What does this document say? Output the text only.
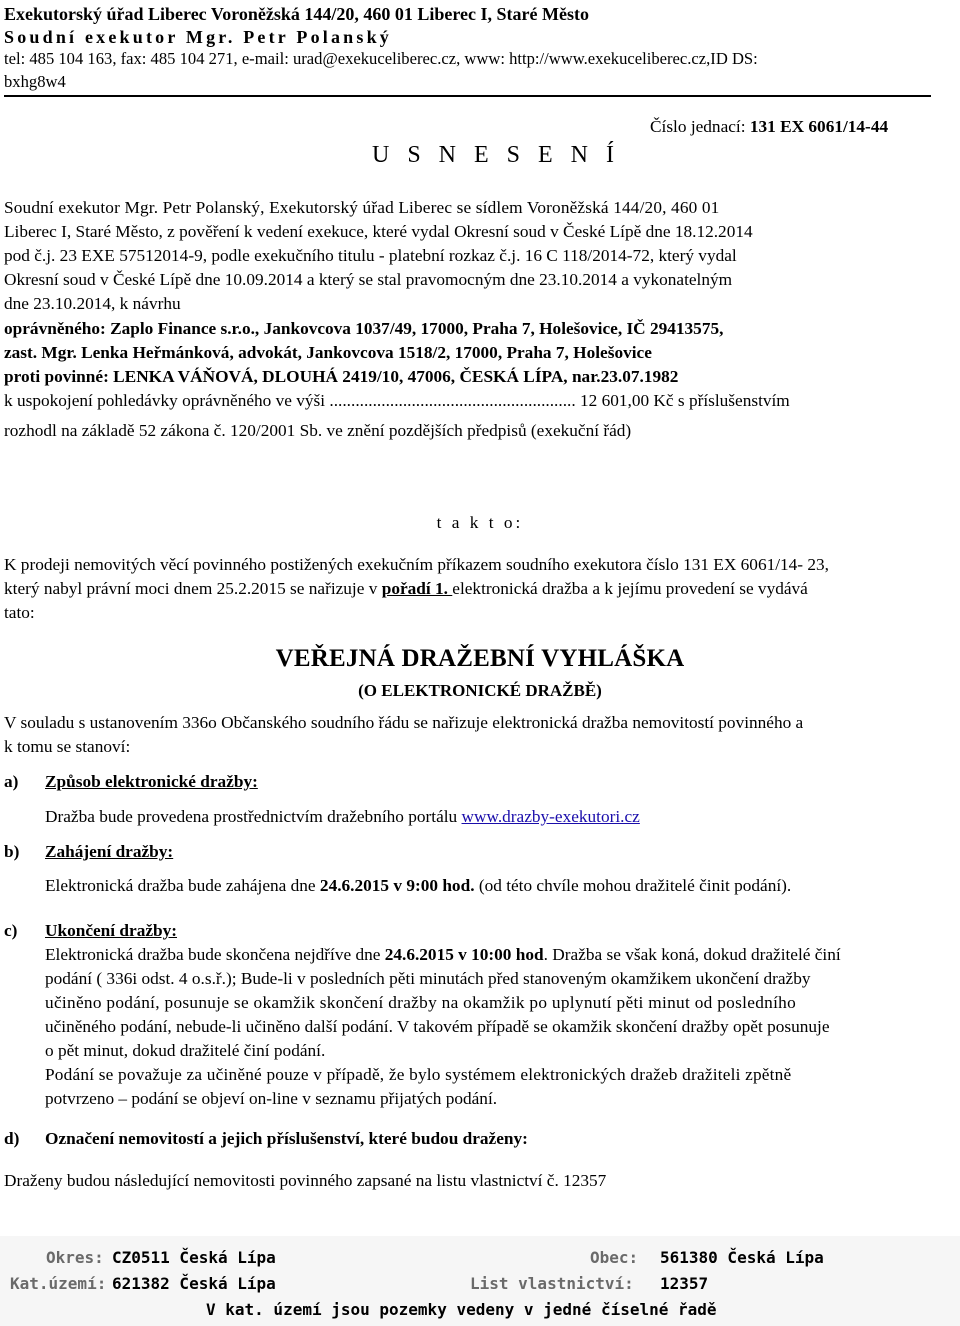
Exekutorský úřad Liberec Voroněžská 144/20, 460 01 Liberec I, Staré Město
Soudní exekutor Mgr. Petr Polanský
tel: 485 104 163, fax: 485 104 271, e-mail: urad@exekuceliberec.cz, www: http://www.exekuceliberec.cz,ID DS:
bxhg8w4
Číslo jednací: 131 EX 6061/14-44
U S N E S E N Í
Soudní exekutor Mgr. Petr Polanský, Exekutorský úřad Liberec se sídlem Voroněžská 144/20, 460 01
Liberec I, Staré Město, z pověření k vedení exekuce, které vydal Okresní soud v České Lípě dne 18.12.2014
pod č.j. 23 EXE 57512014-9, podle exekučního titulu - platební rozkaz č.j. 16 C 118/2014-72, který vydal
Okresní soud v České Lípě dne 10.09.2014 a který se stal pravomocným dne 23.10.2014 a vykonatelným
dne 23.10.2014, k návrhu
oprávněného: Zaplo Finance s.r.o., Jankovcova 1037/49, 17000, Praha 7, Holešovice, IČ 29413575,
zast. Mgr. Lenka Heřmánková, advokát, Jankovcova 1518/2, 17000, Praha 7, Holešovice
proti povinné: LENKA VÁŇOVÁ, DLOUHÁ 2419/10, 47006, ČESKÁ LÍPA, nar.23.07.1982
k uspokojení pohledávky oprávněného ve výši ......................................................... 12 601,00 Kč s příslušenstvím
rozhodl na základě 52 zákona č. 120/2001 Sb. ve znění pozdějších předpisů (exekuční řád)
t a k t o:
K prodeji nemovitých věcí povinného postižených exekučním příkazem soudního exekutora číslo 131 EX 6061/14- 23,
který nabyl právní moci dnem 25.2.2015 se nařizuje v pořadí 1. elektronická dražba a k jejímu provedení se vydává
tato:
VEŘEJNÁ DRAŽEBNÍ VYHLÁŠKA
(O ELEKTRONICKÉ DRAŽBĚ)
V souladu s ustanovením 336o Občanského soudního řádu se nařizuje elektronická dražba nemovitostí povinného a
k tomu se stanoví:
a) Způsob elektronické dražby:
Dražba bude provedena prostřednictvím dražebního portálu www.drazby-exekutori.cz
b) Zahájení dražby:
Elektronická dražba bude zahájena dne 24.6.2015 v 9:00 hod. (od této chvíle mohou dražitelé činit podání).
c) Ukončení dražby:
Elektronická dražba bude skončena nejdříve dne 24.6.2015 v 10:00 hod. Dražba se však koná, dokud dražitelé činí
podání ( 336i odst. 4 o.s.ř.); Bude-li v posledních pěti minutách před stanoveným okamžikem ukončení dražby
učiněno podání, posunuje se okamžik skončení dražby na okamžik po uplynutí pěti minut od posledního
učiněného podání, nebude-li učiněno další podání. V takovém případě se okamžik skončení dražby opět posunuje
o pět minut, dokud dražitelé činí podání.
Podání se považuje za učiněné pouze v případě, že bylo systémem elektronických dražeb dražiteli zpětně
potvrzeno – podání se objeví on-line v seznamu přijatých podání.
d) Označení nemovitostí a jejich příslušenství, které budou draženy:
Draženy budou následující nemovitosti povinného zapsané na listu vlastnictví č. 12357
Okres: CZ0511 Česká Lípa	Obec: 561380 Česká Lípa
Kat.území: 621382 Česká Lípa	List vlastnictví: 12357
V kat. území jsou pozemky vedeny v jedné číselné řadě
